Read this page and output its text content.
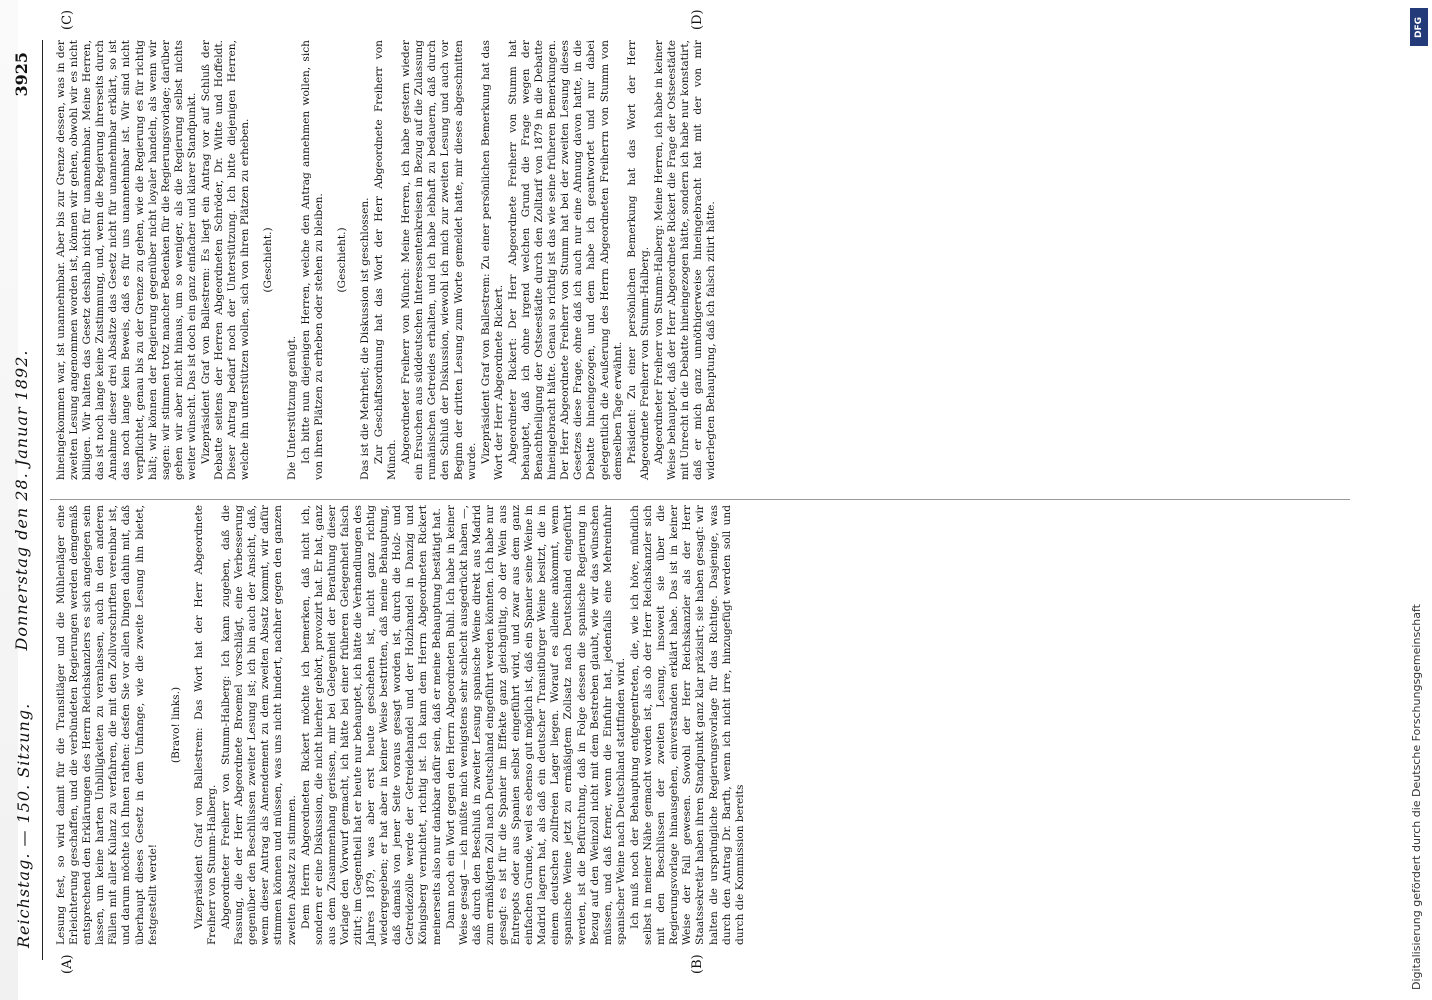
Reichstag. — 150. Sitzung.
Donnerstag den 28. Januar 1892.
3925
(A)	(B)
(C)	(D)

Lesung fest, so wird damit für die Transitläger und die Mühlenläger eine Erleichterung geschaffen, und die verbündeten Regierungen werden demgemäß entsprechend den Erklärungen des Herrn Reichskanzlers es sich angelegen sein lassen, um keine harten Unbilligkeiten zu veranlassen, auch in den anderen Fällen mit aller Kulanz zu verfahren, die mit den Zollvorschriften vereinbar ist, und darum möchte ich Ihnen rathen: desfen Sie vor allen Dingen dahin mit, daß überhaupt dieses Gesetz in dem Umfange, wie die zweite Lesung ihn bietet, festgestellt werde!

(Bravo! links.) Vizepräsident Graf von Ballestrem: Das Wort hat der Herr Abgeordnete Freiherr von Stumm-Halberg. Abgeordneter Freiherr von Stumm-Halberg: Ich kann zugeben, daß die Fassung, die der Herr Abgeordnete Broemel vorschlägt, eine Verbesserung gegenüber den Beschlüssen zweiter Lesung ist; ich bin auch der Ansicht, daß, wenn dieser Antrag als Amendement zu dem zweiten Absatz kommt, wir dafür stimmen können und müssen, was uns nicht hindert, nachher gegen den ganzen zweiten Absatz zu stimmen. Dem Herrn Abgeordneten Rickert möchte ich bemerken, daß nicht ich, sondern er eine Diskussion, die nicht hierher gehört, provozirt hat. Er hat, ganz aus dem Zusammenhang gerissen, mir bei Gelegenheit der Berathung dieser Vorlage den Vorwurf gemacht, ich hätte bei einer früheren Gelegenheit falsch zitirt; im Gegentheil hat er heute nur behauptet, ich hätte die Verhandlungen des Jahres 1879, was aber erst heute geschehen ist, nicht ganz richtig wiedergegeben; er hat aber in keiner Weise bestritten, daß meine Behauptung, daß damals von jener Seite voraus gesagt worden ist, durch die Holz- und Getreidezölle werde der Getreidehandel und der Holzhandel in Danzig und Königsberg vernichtet, richtig ist. Ich kann dem Herrn Abgeordneten Rickert meinerseits also nur dankbar dafür sein, daß er meine Behauptung bestätigt hat. Dann noch ein Wort gegen den Herrn Abgeordneten Buhl. Ich habe in keiner Weise gesagt — ich müßte mich wenigstens sehr schlecht ausgedrückt haben —, daß durch den Beschluß in zweiter Lesung spanische Weine direkt aus Madrid zum ermäßigten Zoll nach Deutschland eingeführt werden könnten. Ich habe nur gesagt: es ist für die Spanier im Effekte ganz gleichgültig, ob der Wein aus Entrepots oder aus Spanien selbst eingeführt wird, und zwar aus dem ganz einfachen Grunde, weil es ebenso gut möglich ist, daß ein Spanier seine Weine in Madrid lagern hat, als daß ein deutscher Transitbürger Weine besitzt, die in einem deutschen zollfreien Lager liegen. Worauf es alleine ankommt, wenn spanische Weine jetzt zu ermäßigtem Zollsatz nach Deutschland eingeführt werden, ist die Befürchtung, daß in Folge dessen die spanische Regierung in Bezug auf den Weinzoll nicht mit dem Bestreben glaubt, wie wir das wünschen müssen, und daß ferner, wenn die Einfuhr hat, jedenfalls eine Mehreinfuhr spanischer Weine nach Deutschland stattfinden wird. Ich muß noch der Behauptung entgegentreten, die, wie ich höre, mündlich selbst in meiner Nähe gemacht worden ist, als ob der Herr Reichskanzler sich mit den Beschlüssen der zweiten Lesung, insoweit sie über die Regierungsvorlage hinausgehen, einverstanden erklärt habe. Das ist in keiner Weise der Fall gewesen. Sowohl der Herr Reichskanzler als der Herr Staatssekretär haben ihren Standpunkt ganz klar präzisirt; sie haben gesagt: wir halten die ursprüngliche Regierungsvorlage für das Richtige. Dasjenige, was durch den Antrag Dr. Barth, wenn ich nicht irre, hinzugefügt werden soll und durch die Kommission bereits

hineingekommen war, ist unannehmbar. Aber bis zur Grenze dessen, was in der zweiten Lesung angenommen worden ist, können wir gehen, obwohl wir es nicht billigen. Wir halten das Gesetz deshalb nicht für unannehmbar. Meine Herren, das ist noch lange keine Zustimmung, und, wenn die Regierung ihrerseits durch Annahme dieser drei Absätze das Gesetz nicht für unannehmbar erklärt, so ist das noch lange kein Beweis, daß es für uns unannehmbar ist. Wir sind nicht verpflichtet, genau bis zu der Grenze zu gehen, wie die Regierung es für richtig hält; wir können der Regierung gegenüber nicht loyaler handeln, als wenn wir sagen: wir stimmen trotz mancher Bedenken für die Regierungsvorlage; darüber gehen wir aber nicht hinaus, um so weniger, als die Regierung selbst nichts weiter wünscht. Das ist doch ein ganz einfacher und klarer Standpunkt. Vizepräsident Graf von Ballestrem: Es liegt ein Antrag vor auf Schluß der Debatte seitens der Herren Abgeordneten Schröder, Dr. Witte und Hoffeldt. Dieser Antrag bedarf noch der Unterstützung. Ich bitte diejenigen Herren, welche ihn unterstützen wollen, sich von ihren Plätzen zu erheben. (Geschieht.)

Die Unterstützung genügt. Ich bitte nun diejenigen Herren, welche den Antrag annehmen wollen, sich von ihren Plätzen zu erheben oder stehen zu bleiben. (Geschieht.) Das ist die Mehrheit; die Diskussion ist geschlossen. Zur Geschäftsordnung hat das Wort der Herr Abgeordnete Freiherr von Münch. Abgeordneter Freiherr von Münch: Meine Herren, ich habe gestern wieder ein Ersuchen aus süddeutschen Interessentenkreisen in Bezug auf die Zulassung rumänischen Getreides erhalten, und ich habe lebhaft zu bedauern, daß durch den Schluß der Diskussion, wiewohl ich mich zur zweiten Lesung und auch vor Beginn der dritten Lesung zum Worte gemeldet hatte, mir dieses abgeschnitten wurde. Vizepräsident Graf von Ballestrem: Zu einer persönlichen Bemerkung hat das Wort der Herr Abgeordnete Rickert. Abgeordneter Rickert: Der Herr Abgeordnete Freiherr von Stumm hat behauptet, daß ich ohne irgend welchen Grund die Frage wegen der Benachtheiligung der Ostseestädte durch den Zolltarif von 1879 in die Debatte hineingebracht hätte. Genau so richtig ist das wie seine früheren Bemerkungen. Der Herr Abgeordnete Freiherr von Stumm hat bei der zweiten Lesung dieses Gesetzes diese Frage, ohne daß ich auch nur eine Ahnung davon hatte, in die Debatte hineingezogen, und dem habe ich geantwortet und nur dabei gelegentlich die Aeußerung des Herrn Abgeordneten Freiherrn von Stumm von demselben Tage erwähnt. Präsident: Zu einer persönlichen Bemerkung hat das Wort der Herr Abgeordnete Freiherr von Stumm-Halberg. Abgeordneter Freiherr von Stumm-Halberg: Meine Herren, ich habe in keiner Weise behauptet, daß der Herr Abgeordnete Rickert die Frage der Ostseestädte mit Unrecht in die Debatte hineingezogen hätte, sondern ich habe nur konstatirt, daß er mich ganz unnöthigerweise hineingebracht hat mit der von mir widerlegten Behauptung, daß ich falsch zitirt hätte.

Digitalisierung gefördert durch die Deutsche Forschungsgemeinschaft
DFG
